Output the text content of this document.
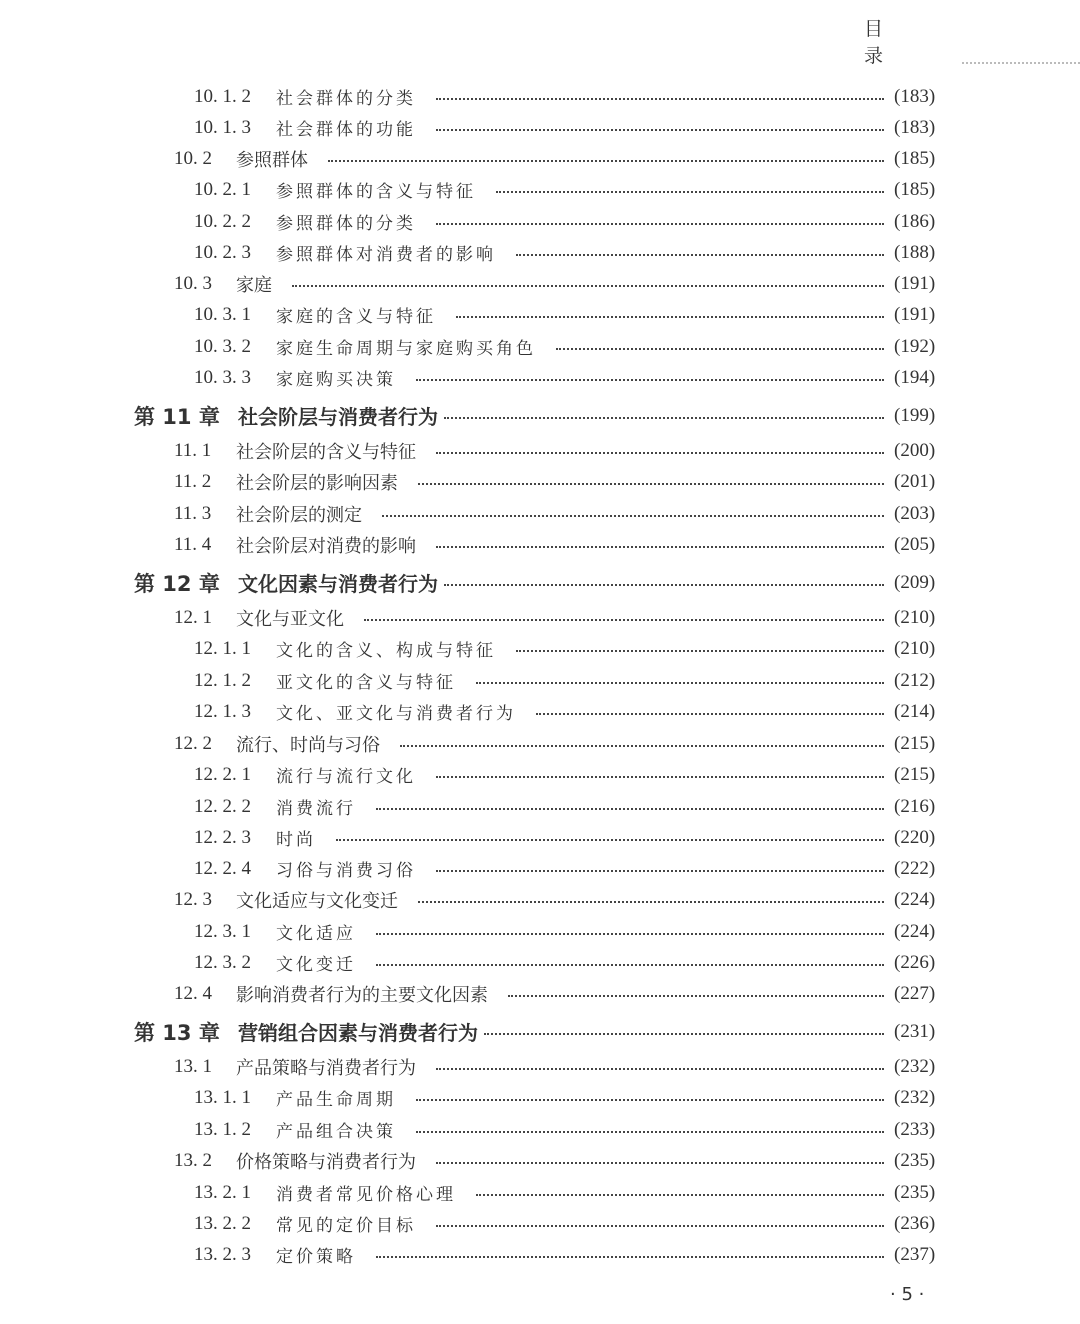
目 录
10. 1. 2	社会群体的分类	(183)
10. 1. 3	社会群体的功能	(183)
10. 2	参照群体	(185)
10. 2. 1	参照群体的含义与特征	(185)
10. 2. 2	参照群体的分类	(186)
10. 2. 3	参照群体对消费者的影响	(188)
10. 3	家庭	(191)
10. 3. 1	家庭的含义与特征	(191)
10. 3. 2	家庭生命周期与家庭购买角色	(192)
10. 3. 3	家庭购买决策	(194)
第 11 章 社会阶层与消费者行为	(199)
11. 1	社会阶层的含义与特征	(200)
11. 2	社会阶层的影响因素	(201)
11. 3	社会阶层的测定	(203)
11. 4	社会阶层对消费的影响	(205)
第 12 章 文化因素与消费者行为	(209)
12. 1	文化与亚文化	(210)
12. 1. 1	文化的含义、构成与特征	(210)
12. 1. 2	亚文化的含义与特征	(212)
12. 1. 3	文化、亚文化与消费者行为	(214)
12. 2	流行、时尚与习俗	(215)
12. 2. 1	流行与流行文化	(215)
12. 2. 2	消费流行	(216)
12. 2. 3	时尚	(220)
12. 2. 4	习俗与消费习俗	(222)
12. 3	文化适应与文化变迁	(224)
12. 3. 1	文化适应	(224)
12. 3. 2	文化变迁	(226)
12. 4	影响消费者行为的主要文化因素	(227)
第 13 章 营销组合因素与消费者行为	(231)
13. 1	产品策略与消费者行为	(232)
13. 1. 1	产品生命周期	(232)
13. 1. 2	产品组合决策	(233)
13. 2	价格策略与消费者行为	(235)
13. 2. 1	消费者常见价格心理	(235)
13. 2. 2	常见的定价目标	(236)
13. 2. 3	定价策略	(237)
· 5 ·
